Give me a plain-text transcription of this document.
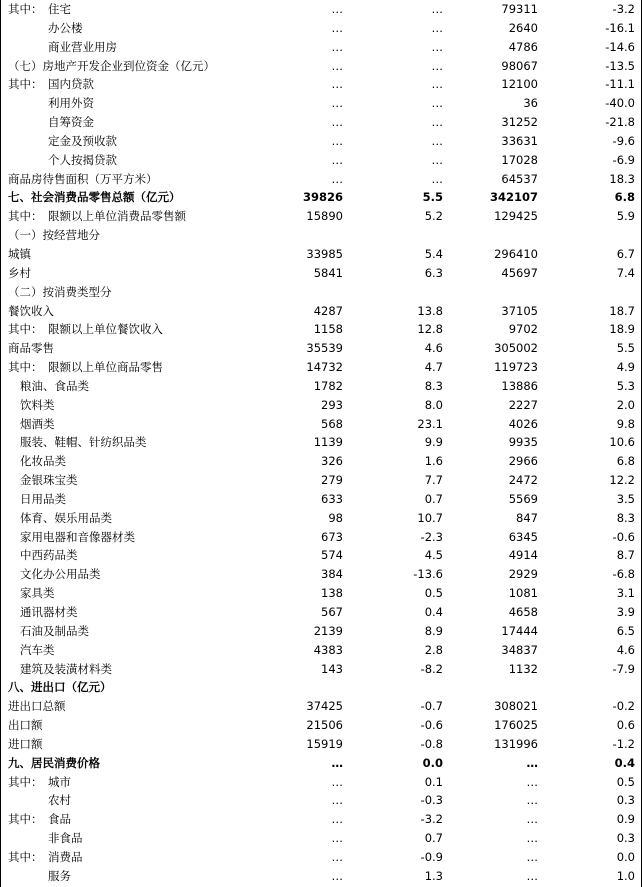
其中： 住宅	…	…	79311	-3.2
办公楼	…	…	2640	-16.1
商业营业用房	…	…	4786	-14.6
（七）房地产开发企业到位资金（亿元）	…	…	98067	-13.5
其中： 国内贷款	…	…	12100	-11.1
利用外资	…	…	36	-40.0
自筹资金	…	…	31252	-21.8
定金及预收款	…	…	33631	-9.6
个人按揭贷款	…	…	17028	-6.9
商品房待售面积（万平方米）	…	…	64537	18.3
七、社会消费品零售总额（亿元）	39826	5.5	342107	6.8
其中： 限额以上单位消费品零售额	15890	5.2	129425	5.9
（一）按经营地分
城镇	33985	5.4	296410	6.7
乡村	5841	6.3	45697	7.4
（二）按消费类型分
餐饮收入	4287	13.8	37105	18.7
其中： 限额以上单位餐饮收入	1158	12.8	9702	18.9
商品零售	35539	4.6	305002	5.5
其中： 限额以上单位商品零售	14732	4.7	119723	4.9
粮油、食品类	1782	8.3	13886	5.3
饮料类	293	8.0	2227	2.0
烟酒类	568	23.1	4026	9.8
服装、鞋帽、针纺织品类	1139	9.9	9935	10.6
化妆品类	326	1.6	2966	6.8
金银珠宝类	279	7.7	2472	12.2
日用品类	633	0.7	5569	3.5
体育、娱乐用品类	98	10.7	847	8.3
家用电器和音像器材类	673	-2.3	6345	-0.6
中西药品类	574	4.5	4914	8.7
文化办公用品类	384	-13.6	2929	-6.8
家具类	138	0.5	1081	3.1
通讯器材类	567	0.4	4658	3.9
石油及制品类	2139	8.9	17444	6.5
汽车类	4383	2.8	34837	4.6
建筑及装潢材料类	143	-8.2	1132	-7.9
八、进出口（亿元）
进出口总额	37425	-0.7	308021	-0.2
出口额	21506	-0.6	176025	0.6
进口额	15919	-0.8	131996	-1.2
九、居民消费价格	…	0.0	…	0.4
其中： 城市	…	0.1	…	0.5
农村	…	-0.3	…	0.3
其中： 食品	…	-3.2	…	0.9
非食品	…	0.7	…	0.3
其中： 消费品	…	-0.9	…	0.0
服务	…	1.3	…	1.0
